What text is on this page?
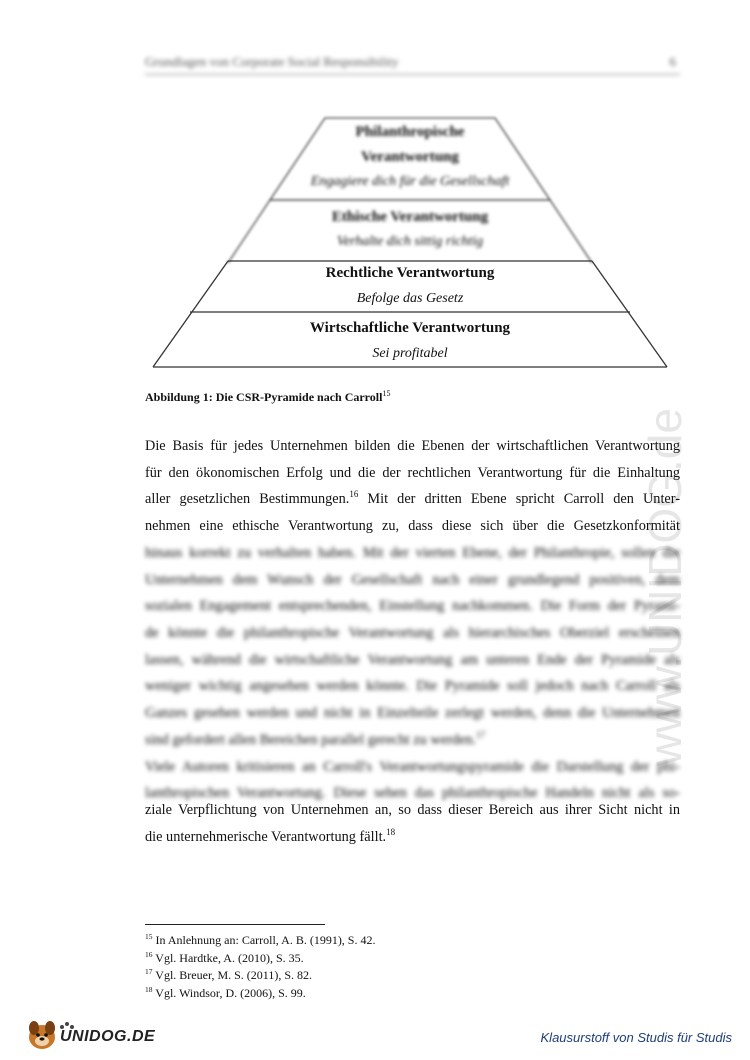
Grundlagen von Corporate Social Responsibility	6
www.UNIDOG.de
Philanthropische
Verantwortung
Engagiere dich für die Gesellschaft
Ethische Verantwortung
Verhalte dich sittig richtig
Rechtliche Verantwortung
Befolge das Gesetz
Wirtschaftliche Verantwortung
Sei profitabel
Abbildung 1: Die CSR-Pyramide nach Carroll$^{15}$
Die Basis für jedes Unternehmen bilden die Ebenen der wirtschaftlichen Verantwortung
für den ökonomischen Erfolg und die der rechtlichen Verantwortung für die Einhaltung
aller gesetzlichen Bestimmungen.$^{16}$ Mit der dritten Ebene spricht Carroll den Unter-
nehmen eine ethische Verantwortung zu, dass diese sich über die Gesetzkonformität
hinaus korrekt zu verhalten haben. Mit der vierten Ebene, der Philanthropie, sollen die
Unternehmen dem Wunsch der Gesellschaft nach einer grundlegend positiven, dem
sozialen Engagement entsprechenden, Einstellung nachkommen. Die Form der Pyrami-
de könnte die philanthropische Verantwortung als hierarchisches Oberziel erscheinen
lassen, während die wirtschaftliche Verantwortung am unteren Ende der Pyramide als
weniger wichtig angesehen werden könnte. Die Pyramide soll jedoch nach Carroll als
Ganzes gesehen werden und nicht in Einzelteile zerlegt werden, denn die Unternehmen
sind gefordert allen Bereichen parallel gerecht zu werden.$^{17}$
Viele Autoren kritisieren an Carroll's Verantwortungspyramide die Darstellung der phi-
lanthropischen Verantwortung. Diese sehen das philanthropische Handeln nicht als so-
ziale Verpflichtung von Unternehmen an, so dass dieser Bereich aus ihrer Sicht nicht in
die unternehmerische Verantwortung fällt.$^{18}$
$^{15}$ In Anlehnung an: Carroll, A. B. (1991), S. 42.
$^{16}$ Vgl. Hardtke, A. (2010), S. 35.
$^{17}$ Vgl. Breuer, M. S. (2011), S. 82.
$^{18}$ Vgl. Windsor, D. (2006), S. 99.
UNIDOG.DE	Klausurstoff von Studis für Studis
